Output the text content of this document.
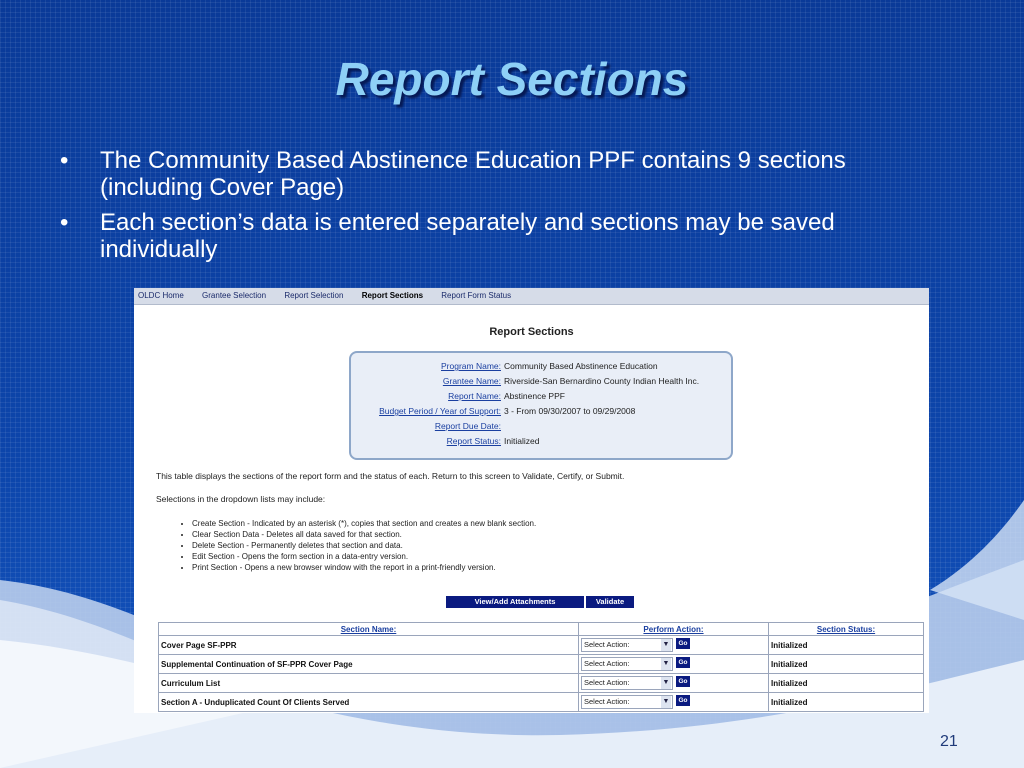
Report Sections
• The Community Based Abstinence Education PPF contains 9 sections (including Cover Page)
• Each section’s data is entered separately and sections may be saved individually
OLDC Home Grantee Selection Report Selection Report Sections Report Form Status
Report Sections
Program Name: Community Based Abstinence Education
Grantee Name: Riverside-San Bernardino County Indian Health Inc.
Report Name: Abstinence PPF
Budget Period / Year of Support: 3 - From 09/30/2007 to 09/29/2008
Report Due Date:
Report Status: Initialized
This table displays the sections of the report form and the status of each. Return to this screen to Validate, Certify, or Submit.
Selections in the dropdown lists may include:
• Create Section - Indicated by an asterisk (*), copies that section and creates a new blank section.
• Clear Section Data - Deletes all data saved for that section.
• Delete Section - Permanently deletes that section and data.
• Edit Section - Opens the form section in a data-entry version.
• Print Section - Opens a new browser window with the report in a print-friendly version.
View/Add Attachments	Validate
Section Name:	Perform Action:	Section Status:
Cover Page SF-PPR	Select Action: ▼ Go	Initialized
Supplemental Continuation of SF-PPR Cover Page	Select Action: ▼ Go	Initialized
Curriculum List	Select Action: ▼ Go	Initialized
Section A - Unduplicated Count Of Clients Served	Select Action: ▼ Go	Initialized
21
